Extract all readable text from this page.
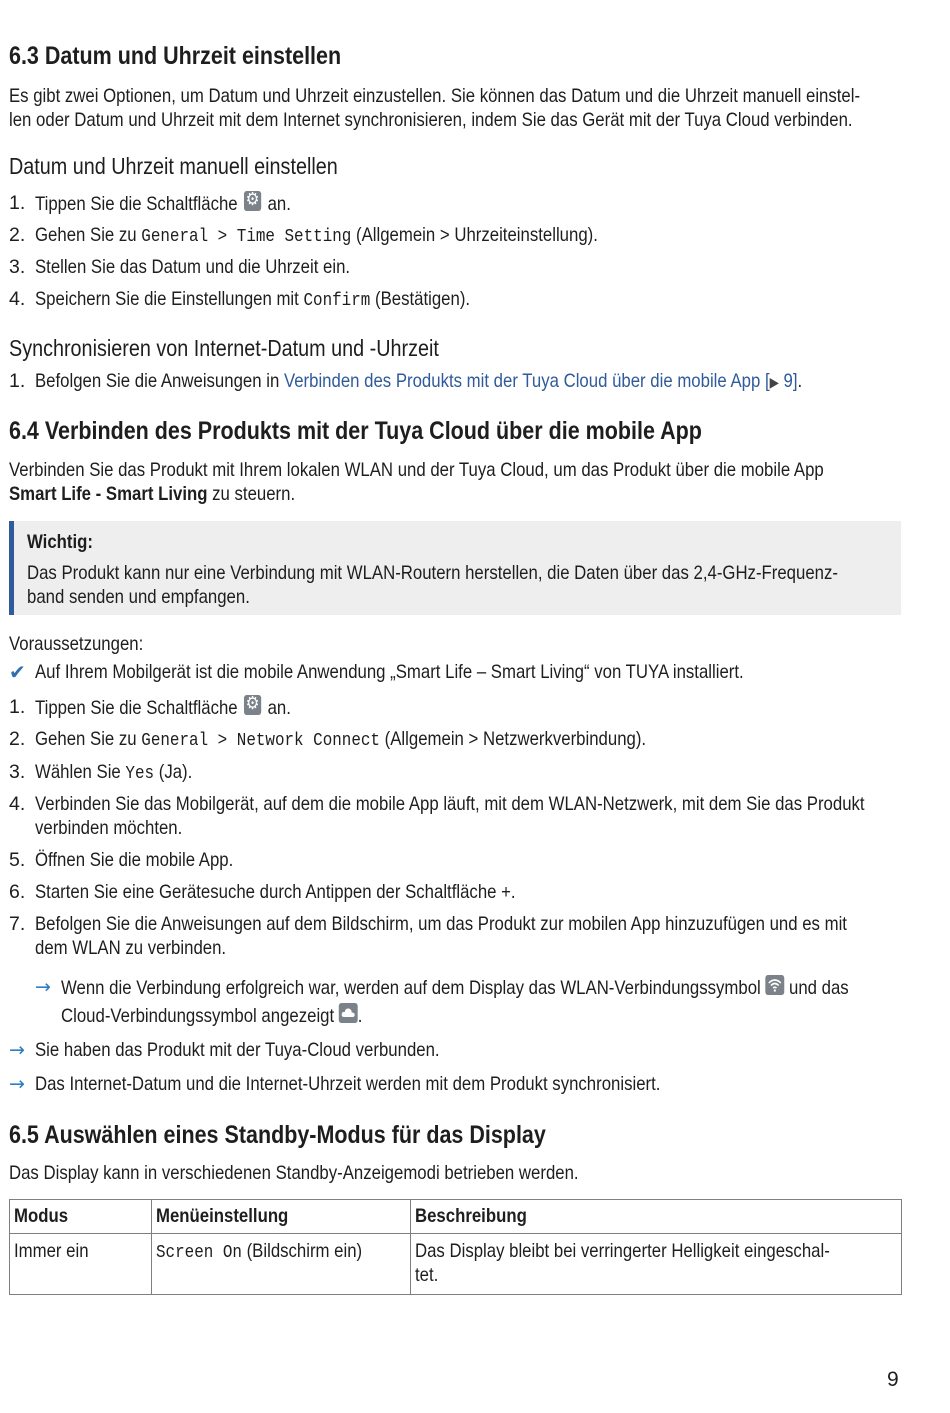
6.3 Datum und Uhrzeit einstellen
Es gibt zwei Optionen, um Datum und Uhrzeit einzustellen. Sie können das Datum und die Uhrzeit manuell einstel-
len oder Datum und Uhrzeit mit dem Internet synchronisieren, indem Sie das Gerät mit der Tuya Cloud verbinden.
Datum und Uhrzeit manuell einstellen
1. Tippen Sie die Schaltfläche ⚙ an.
2. Gehen Sie zu General > Time Setting (Allgemein > Uhrzeiteinstellung).
3. Stellen Sie das Datum und die Uhrzeit ein.
4. Speichern Sie die Einstellungen mit Confirm (Bestätigen).
Synchronisieren von Internet-Datum und -Uhrzeit
1. Befolgen Sie die Anweisungen in Verbinden des Produkts mit der Tuya Cloud über die mobile App [▶ 9].
6.4 Verbinden des Produkts mit der Tuya Cloud über die mobile App
Verbinden Sie das Produkt mit Ihrem lokalen WLAN und der Tuya Cloud, um das Produkt über die mobile App
Smart Life - Smart Living zu steuern.
Wichtig:
Das Produkt kann nur eine Verbindung mit WLAN-Routern herstellen, die Daten über das 2,4-GHz-Frequenz-
band senden und empfangen.
Voraussetzungen:
✔ Auf Ihrem Mobilgerät ist die mobile Anwendung „Smart Life – Smart Living“ von TUYA installiert.
1. Tippen Sie die Schaltfläche ⚙ an.
2. Gehen Sie zu General > Network Connect (Allgemein > Netzwerkverbindung).
3. Wählen Sie Yes (Ja).
4. Verbinden Sie das Mobilgerät, auf dem die mobile App läuft, mit dem WLAN-Netzwerk, mit dem Sie das Produkt
verbinden möchten.
5. Öffnen Sie die mobile App.
6. Starten Sie eine Gerätesuche durch Antippen der Schaltfläche +.
7. Befolgen Sie die Anweisungen auf dem Bildschirm, um das Produkt zur mobilen App hinzuzufügen und es mit
dem WLAN zu verbinden.
→ Wenn die Verbindung erfolgreich war, werden auf dem Display das WLAN-Verbindungssymbol und das
Cloud-Verbindungssymbol angezeigt .
→ Sie haben das Produkt mit der Tuya-Cloud verbunden.
→ Das Internet-Datum und die Internet-Uhrzeit werden mit dem Produkt synchronisiert.
6.5 Auswählen eines Standby-Modus für das Display
Das Display kann in verschiedenen Standby-Anzeigemodi betrieben werden.
Modus	Menüeinstellung	Beschreibung

Immer ein	Screen On (Bildschirm ein)	Das Display bleibt bei verringerter Helligkeit eingeschal-
tet.
9
